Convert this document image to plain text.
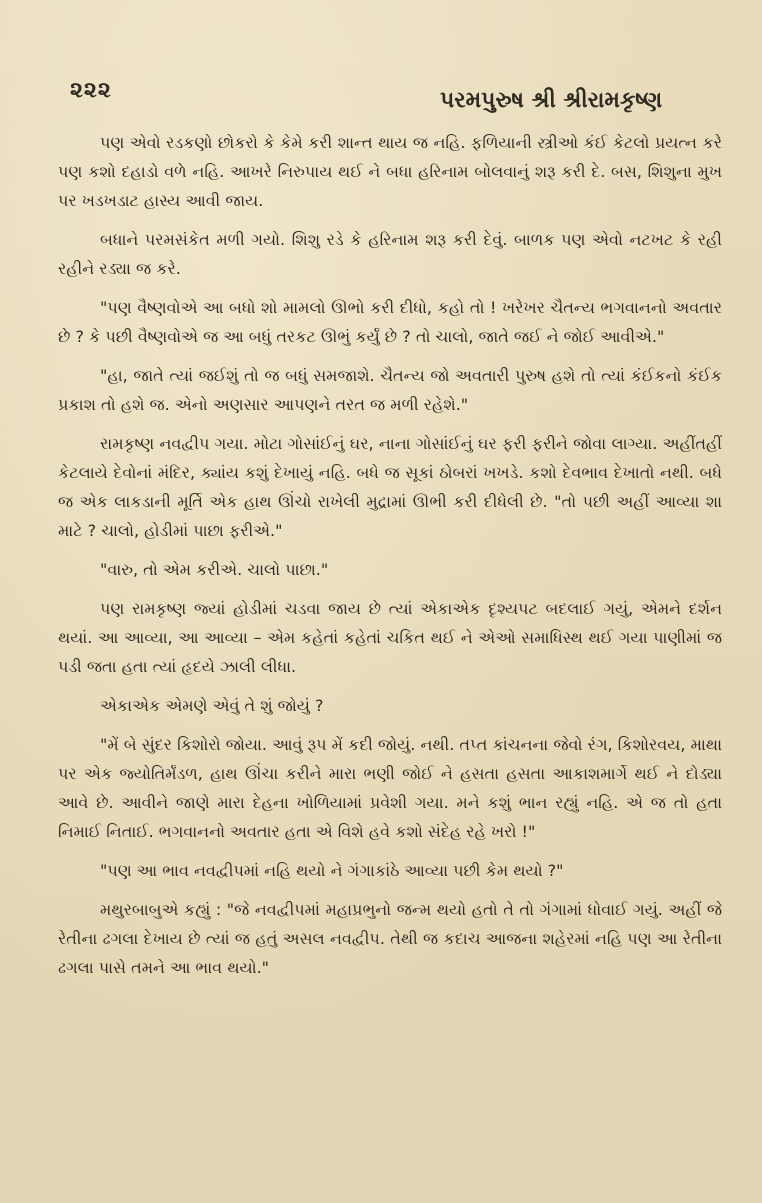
૨૨૨	પરમપુરુષ શ્રી શ્રીરામકૃષ્ણ

પણ એવો રડકણો છોકરો કે કેમે કરી શાન્ત થાય જ નહિ. ફળિયાની સ્ત્રીઓ કંઈ કેટલો પ્રયત્ન કરે પણ કશો દહાડો વળે નહિ. આખરે નિરુપાય થઈ ને બધા હરિનામ બોલવાનું શરૂ કરી દે. બસ, શિશુના મુખ પર ખડખડાટ હાસ્ય આવી જાય.

બધાને પરમસંકેત મળી ગયો. શિશુ રડે કે હરિનામ શરૂ કરી દેવું. બાળક પણ એવો નટખટ કે રહી રહીને રડ્યા જ કરે.

"પણ વૈષ્ણવોએ આ બધો શો મામલો ઊભો કરી દીધો, કહો તો ! ખરેખર ચૈતન્ય ભગવાનનો અવતાર છે ? કે પછી વૈષ્ણવોએ જ આ બધું તરકટ ઊભું કર્યું છે ? તો ચાલો, જાતે જઈ ને જોઈ આવીએ."

"હા, જાતે ત્યાં જઈશું તો જ બધું સમજાશે. ચૈતન્ય જો અવતારી પુરુષ હશે તો ત્યાં કંઈકનો કંઈક પ્રકાશ તો હશે જ. એનો અણસાર આપણને તરત જ મળી રહેશે."

રામકૃષ્ણ નવદ્વીપ ગયા. મોટા ગોસાંઈનું ઘર, નાના ગોસાંઈનું ઘર ફરી ફરીને જોવા લાગ્યા. અહીંતહીં કેટલાયે દેવોનાં મંદિર, ક્યાંય કશું દેખાયું નહિ. બધે જ સૂકાં ઠોબરાં ખખડે. કશો દેવભાવ દેખાતો નથી. બધે જ એક લાકડાની મૂર્તિ એક હાથ ઊંચો રાખેલી મુદ્રામાં ઊભી કરી દીધેલી છે. "તો પછી અહીં આવ્યા શા માટે ? ચાલો, હોડીમાં પાછા ફરીએ."

"વારુ, તો એમ કરીએ. ચાલો પાછા."

પણ રામકૃષ્ણ જ્યાં હોડીમાં ચડવા જાય છે ત્યાં એકાએક દૃશ્યપટ બદલાઈ ગયું, એમને દર્શન થયાં. આ આવ્યા, આ આવ્યા – એમ કહેતાં કહેતાં ચકિત થઈ ને એઓ સમાધિસ્થ થઈ ગયા પાણીમાં જ પડી જતા હતા ત્યાં હૃદયે ઝાલી લીધા.

એકાએક એમણે એવું તે શું જોયું ?

"મેં બે સુંદર કિશોરો જોયા. આવું રૂપ મેં કદી જોયું. નથી. તપ્ત કાંચનના જેવો રંગ, કિશોરવય, માથા પર એક જ્યોતિર્મંડળ, હાથ ઊંચા કરીને મારા ભણી જોઈ ને હસતા હસતા આકાશમાર્ગે થઈ ને દોડ્યા આવે છે. આવીને જાણે મારા દેહના ખોળિયામાં પ્રવેશી ગયા. મને કશું ભાન રહ્યું નહિ. એ જ તો હતા નિમાઈ નિતાઈ. ભગવાનનો અવતાર હતા એ વિશે હવે કશો સંદેહ રહે ખરો !"

"પણ આ ભાવ નવદ્વીપમાં નહિ થયો ને ગંગાકાંઠે આવ્યા પછી કેમ થયો ?"

મથુરબાબુએ કહ્યું : "જે નવદ્વીપમાં મહાપ્રભુનો જન્મ થયો હતો તે તો ગંગામાં ધોવાઈ ગયું. અહીં જે રેતીના ઢગલા દેખાય છે ત્યાં જ હતું અસલ નવદ્વીપ. તેથી જ કદાચ આજના શહેરમાં નહિ પણ આ રેતીના ઢગલા પાસે તમને આ ભાવ થયો."
